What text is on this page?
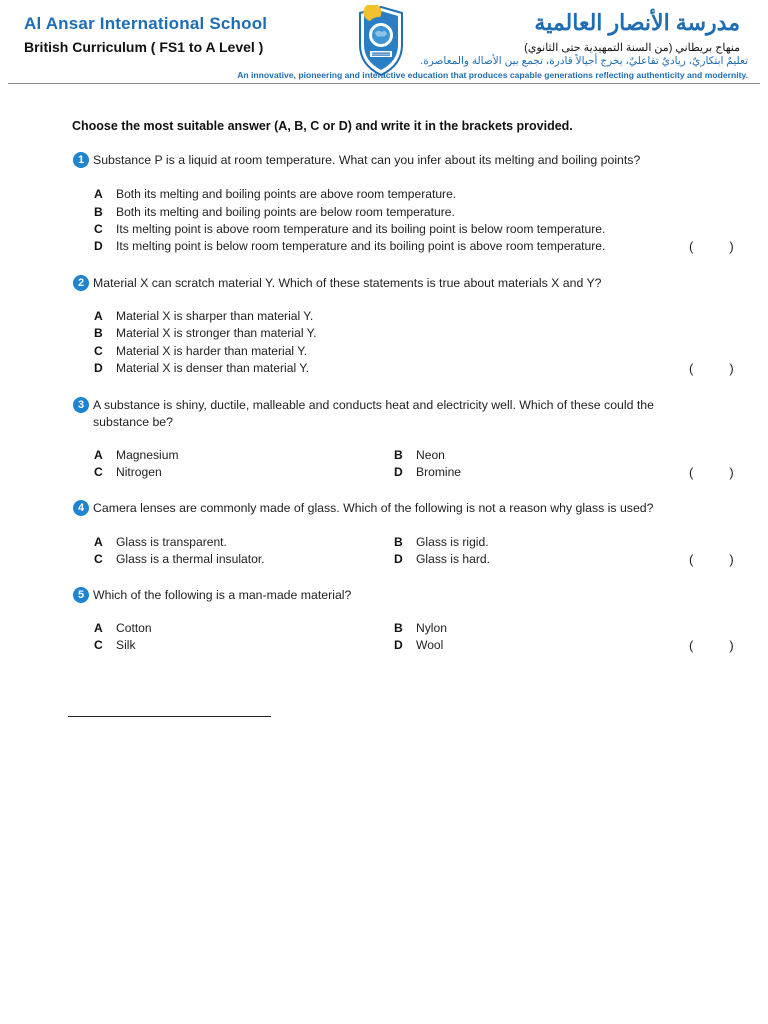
Al Ansar International School
British Curriculum ( FS1 to A Level )
مدرسة الأنصار العالمية
منهاج بريطاني (من السنة التمهيدية حتى الثانوي)
تعليمٌ ابتكاريٌ، رياديٌ تفاعليٌ، يخرج أجيالاً قادرة، تجمع بين الأصالة والمعاصرة.
An innovative, pioneering and interactive education that produces capable generations reflecting authenticity and modernity.
Choose the most suitable answer (A, B, C or D) and write it in the brackets provided.
1 Substance P is a liquid at room temperature. What can you infer about its melting and boiling points?
A Both its melting and boiling points are above room temperature.
B Both its melting and boiling points are below room temperature.
C Its melting point is above room temperature and its boiling point is below room temperature.
D Its melting point is below room temperature and its boiling point is above room temperature.	(	)
2 Material X can scratch material Y. Which of these statements is true about materials X and Y?
A Material X is sharper than material Y.
B Material X is stronger than material Y.
C Material X is harder than material Y.
D Material X is denser than material Y.	(	)
3 A substance is shiny, ductile, malleable and conducts heat and electricity well. Which of these could the
substance be?
A Magnesium	B Neon
C Nitrogen	D Bromine	(	)
4 Camera lenses are commonly made of glass. Which of the following is not a reason why glass is used?
A Glass is transparent.	B Glass is rigid.
C Glass is a thermal insulator.	D Glass is hard.	(	)
5 Which of the following is a man-made material?
A Cotton	B Nylon
C Silk	D Wool	(	)
